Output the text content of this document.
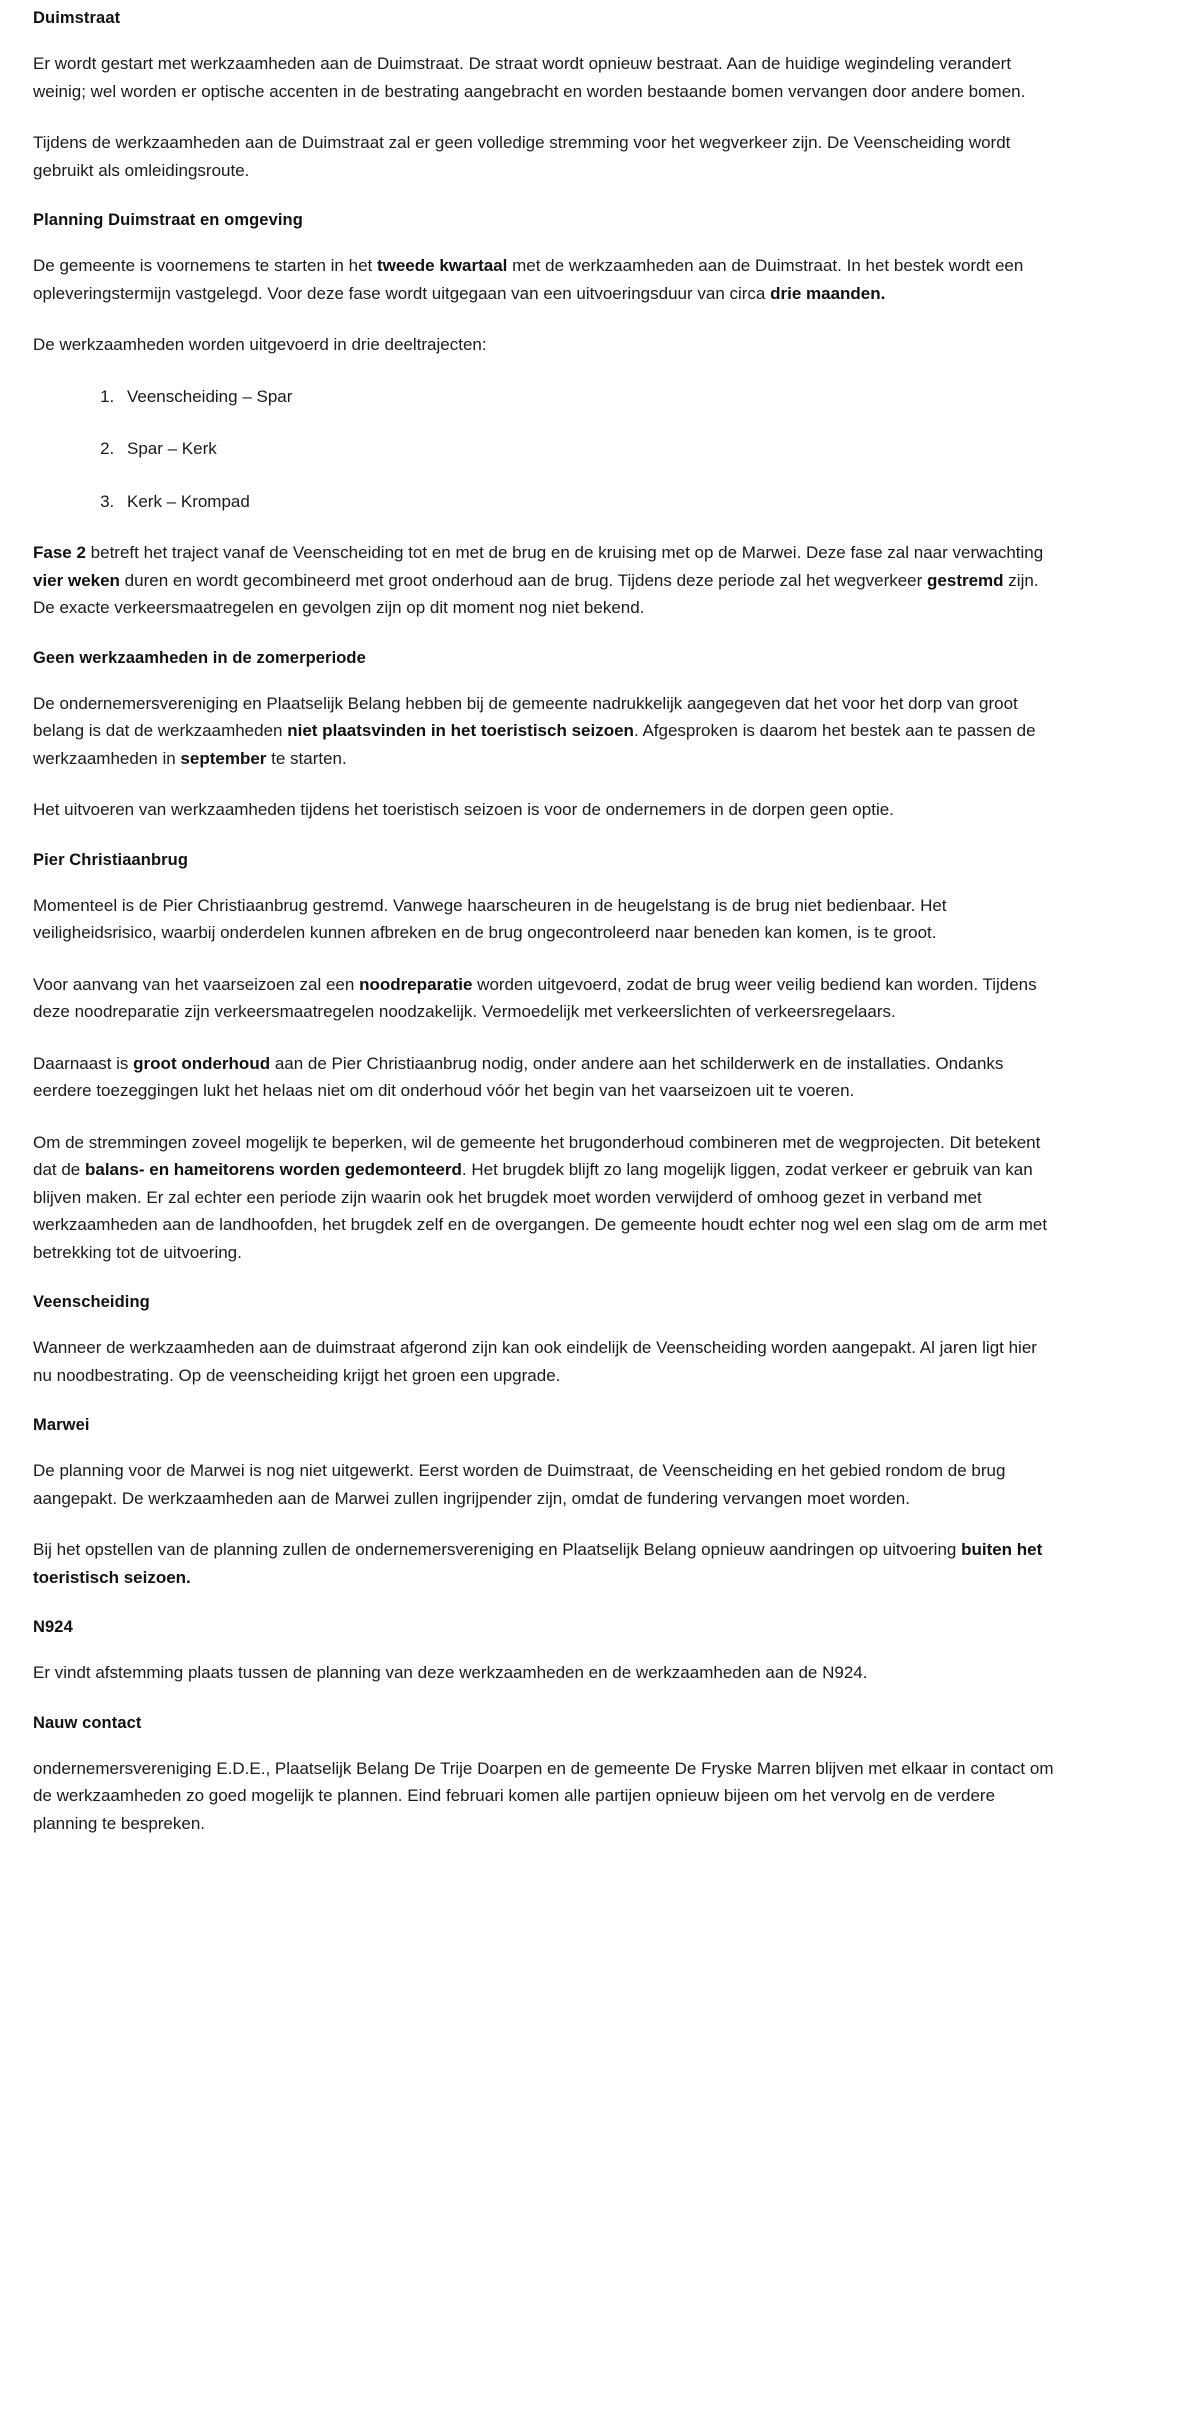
Duimstraat

Er wordt gestart met werkzaamheden aan de Duimstraat. De straat wordt opnieuw bestraat. Aan de huidige wegindeling verandert weinig; wel worden er optische accenten in de bestrating aangebracht en worden bestaande bomen vervangen door andere bomen.

Tijdens de werkzaamheden aan de Duimstraat zal er geen volledige stremming voor het wegverkeer zijn. De Veenscheiding wordt gebruikt als omleidingsroute.

Planning Duimstraat en omgeving

De gemeente is voornemens te starten in het tweede kwartaal met de werkzaamheden aan de Duimstraat. In het bestek wordt een opleveringstermijn vastgelegd. Voor deze fase wordt uitgegaan van een uitvoeringsduur van circa drie maanden.

De werkzaamheden worden uitgevoerd in drie deeltrajecten:

1. Veenscheiding – Spar
2. Spar – Kerk
3. Kerk – Krompad

Fase 2 betreft het traject vanaf de Veenscheiding tot en met de brug en de kruising met op de Marwei. Deze fase zal naar verwachting vier weken duren en wordt gecombineerd met groot onderhoud aan de brug. Tijdens deze periode zal het wegverkeer gestremd zijn. De exacte verkeersmaatregelen en gevolgen zijn op dit moment nog niet bekend.

Geen werkzaamheden in de zomerperiode

De ondernemersvereniging en Plaatselijk Belang hebben bij de gemeente nadrukkelijk aangegeven dat het voor het dorp van groot belang is dat de werkzaamheden niet plaatsvinden in het toeristisch seizoen. Afgesproken is daarom het bestek aan te passen de werkzaamheden in september te starten.

Het uitvoeren van werkzaamheden tijdens het toeristisch seizoen is voor de ondernemers in de dorpen geen optie.

Pier Christiaanbrug

Momenteel is de Pier Christiaanbrug gestremd. Vanwege haarscheuren in de heugelstang is de brug niet bedienbaar. Het veiligheidsrisico, waarbij onderdelen kunnen afbreken en de brug ongecontroleerd naar beneden kan komen, is te groot.

Voor aanvang van het vaarseizoen zal een noodreparatie worden uitgevoerd, zodat de brug weer veilig bediend kan worden. Tijdens deze noodreparatie zijn verkeersmaatregelen noodzakelijk. Vermoedelijk met verkeerslichten of verkeersregelaars.

Daarnaast is groot onderhoud aan de Pier Christiaanbrug nodig, onder andere aan het schilderwerk en de installaties. Ondanks eerdere toezeggingen lukt het helaas niet om dit onderhoud vóór het begin van het vaarseizoen uit te voeren.

Om de stremmingen zoveel mogelijk te beperken, wil de gemeente het brugonderhoud combineren met de wegprojecten. Dit betekent dat de balans- en hameitorens worden gedemonteerd. Het brugdek blijft zo lang mogelijk liggen, zodat verkeer er gebruik van kan blijven maken. Er zal echter een periode zijn waarin ook het brugdek moet worden verwijderd of omhoog gezet in verband met werkzaamheden aan de landhoofden, het brugdek zelf en de overgangen. De gemeente houdt echter nog wel een slag om de arm met betrekking tot de uitvoering.

Veenscheiding

Wanneer de werkzaamheden aan de duimstraat afgerond zijn kan ook eindelijk de Veenscheiding worden aangepakt. Al jaren ligt hier nu noodbestrating. Op de veenscheiding krijgt het groen een upgrade.

Marwei

De planning voor de Marwei is nog niet uitgewerkt. Eerst worden de Duimstraat, de Veenscheiding en het gebied rondom de brug aangepakt. De werkzaamheden aan de Marwei zullen ingrijpender zijn, omdat de fundering vervangen moet worden.

Bij het opstellen van de planning zullen de ondernemersvereniging en Plaatselijk Belang opnieuw aandringen op uitvoering buiten het toeristisch seizoen.

N924

Er vindt afstemming plaats tussen de planning van deze werkzaamheden en de werkzaamheden aan de N924.

Nauw contact

ondernemersvereniging E.D.E., Plaatselijk Belang De Trije Doarpen en de gemeente De Fryske Marren blijven met elkaar in contact om de werkzaamheden zo goed mogelijk te plannen. Eind februari komen alle partijen opnieuw bijeen om het vervolg en de verdere planning te bespreken.
